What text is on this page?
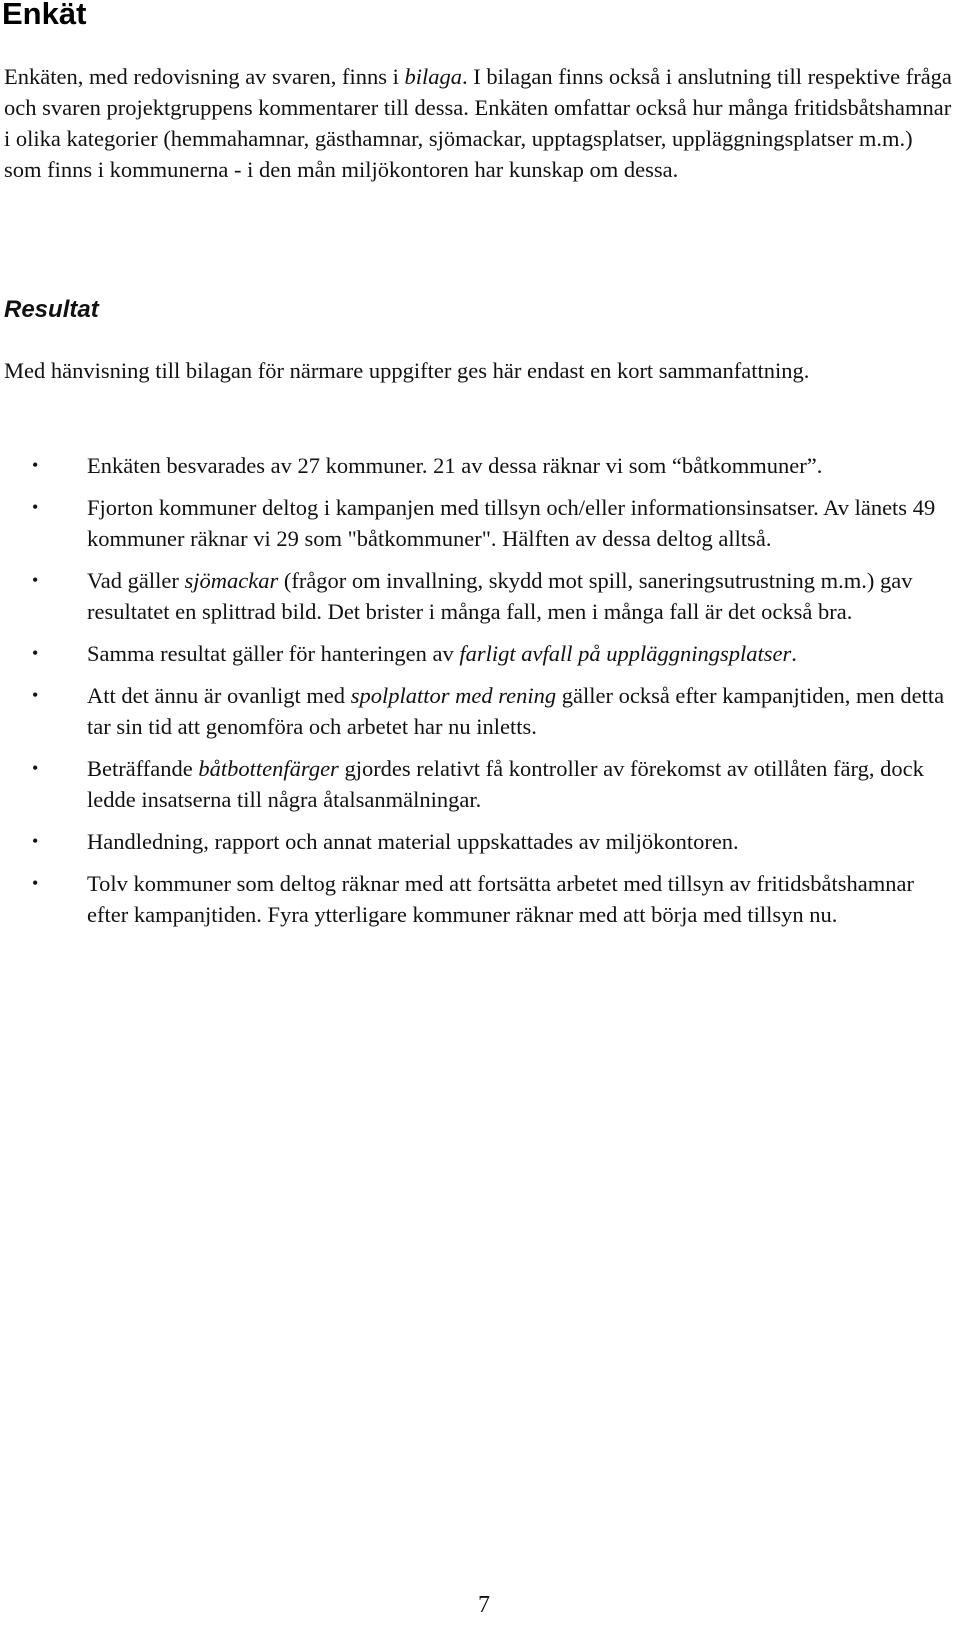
Enkät

Enkäten, med redovisning av svaren, finns i bilaga. I bilagan finns också i anslutning till respektive fråga och svaren projektgruppens kommentarer till dessa. Enkäten omfattar också hur många fritidsbåtshamnar i olika kategorier (hemmahamnar, gästhamnar, sjömackar, upptagsplatser, uppläggningsplatser m.m.) som finns i kommunerna - i den mån miljökontoren har kunskap om dessa.

Resultat

Med hänvisning till bilagan för närmare uppgifter ges här endast en kort sammanfattning.

• Enkäten besvarades av 27 kommuner. 21 av dessa räknar vi som “båtkommuner”.
• Fjorton kommuner deltog i kampanjen med tillsyn och/eller informationsinsatser. Av länets 49 kommuner räknar vi 29 som "båtkommuner". Hälften av dessa deltog alltså.
• Vad gäller sjömackar (frågor om invallning, skydd mot spill, saneringsutrustning m.m.) gav resultatet en splittrad bild. Det brister i många fall, men i många fall är det också bra.
• Samma resultat gäller för hanteringen av farligt avfall på uppläggningsplatser.
• Att det ännu är ovanligt med spolplattor med rening gäller också efter kampanjtiden, men detta tar sin tid att genomföra och arbetet har nu inletts.
• Beträffande båtbottenfärger gjordes relativt få kontroller av förekomst av otillåten färg, dock ledde insatserna till några åtalsanmälningar.
• Handledning, rapport och annat material uppskattades av miljökontoren.
• Tolv kommuner som deltog räknar med att fortsätta arbetet med tillsyn av fritidsbåtshamnar efter kampanjtiden. Fyra ytterligare kommuner räknar med att börja med tillsyn nu.
7
